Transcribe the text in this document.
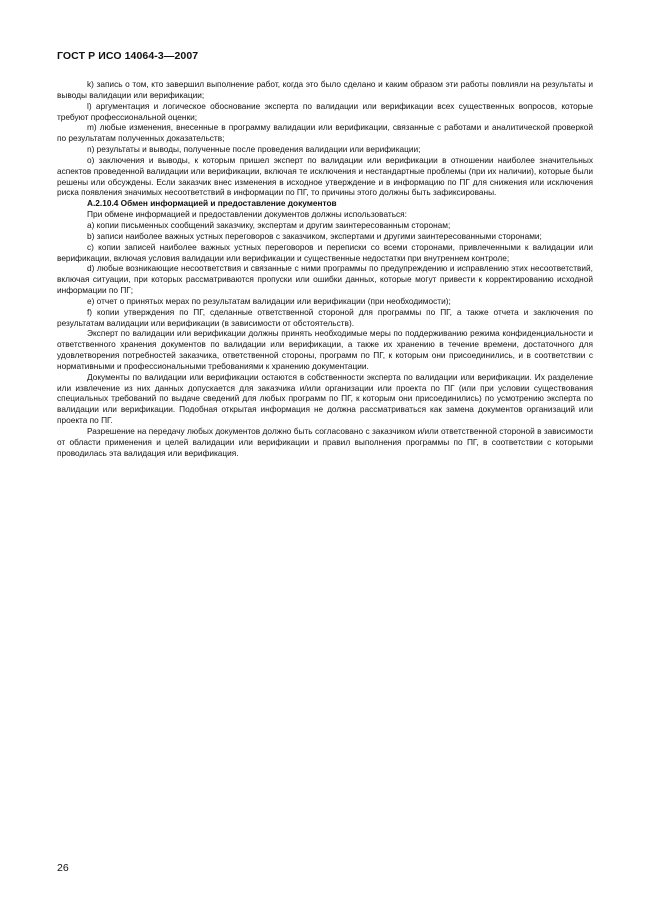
ГОСТ Р ИСО 14064-3—2007

k) запись о том, кто завершил выполнение работ, когда это было сделано и каким образом эти работы повлияли на результаты и выводы валидации или верификации;

l) аргументация и логическое обоснование эксперта по валидации или верификации всех существенных вопросов, которые требуют профессиональной оценки;

m) любые изменения, внесенные в программу валидации или верификации, связанные с работами и аналитической проверкой по результатам полученных доказательств;

n) результаты и выводы, полученные после проведения валидации или верификации;

o) заключения и выводы, к которым пришел эксперт по валидации или верификации в отношении наиболее значительных аспектов проведенной валидации или верификации, включая те исключения и нестандартные проблемы (при их наличии), которые были решены или обсуждены. Если заказчик внес изменения в исходное утверждение и в информацию по ПГ для снижения или исключения риска появления значимых несоответствий в информации по ПГ, то причины этого должны быть зафиксированы.

A.2.10.4 Обмен информацией и предоставление документов

При обмене информацией и предоставлении документов должны использоваться:

a) копии письменных сообщений заказчику, экспертам и другим заинтересованным сторонам;

b) записи наиболее важных устных переговоров с заказчиком, экспертами и другими заинтересованными сторонами;

c) копии записей наиболее важных устных переговоров и переписки со всеми сторонами, привлеченными к валидации или верификации, включая условия валидации или верификации и существенные недостатки при внутреннем контроле;

d) любые возникающие несоответствия и связанные с ними программы по предупреждению и исправлению этих несоответствий, включая ситуации, при которых рассматриваются пропуски или ошибки данных, которые могут привести к корректированию исходной информации по ПГ;

e) отчет о принятых мерах по результатам валидации или верификации (при необходимости);

f) копии утверждения по ПГ, сделанные ответственной стороной для программы по ПГ, а также отчета и заключения по результатам валидации или верификации (в зависимости от обстоятельств).

Эксперт по валидации или верификации должны принять необходимые меры по поддерживанию режима конфиденциальности и ответственного хранения документов по валидации или верификации, а также их хранению в течение времени, достаточного для удовлетворения потребностей заказчика, ответственной стороны, программ по ПГ, к которым они присоединились, и в соответствии с нормативными и профессиональными требованиями к хранению документации.

Документы по валидации или верификации остаются в собственности эксперта по валидации или верификации. Их разделение или извлечение из них данных допускается для заказчика и/или организации или проекта по ПГ (или при условии существования специальных требований по выдаче сведений для любых программ по ПГ, к которым они присоединились) по усмотрению эксперта по валидации или верификации. Подобная открытая информация не должна рассматриваться как замена документов организаций или проекта по ПГ.

Разрешение на передачу любых документов должно быть согласовано с заказчиком и/или ответственной стороной в зависимости от области применения и целей валидации или верификации и правил выполнения программы по ПГ, в соответствии с которыми проводилась эта валидация или верификация.

26
